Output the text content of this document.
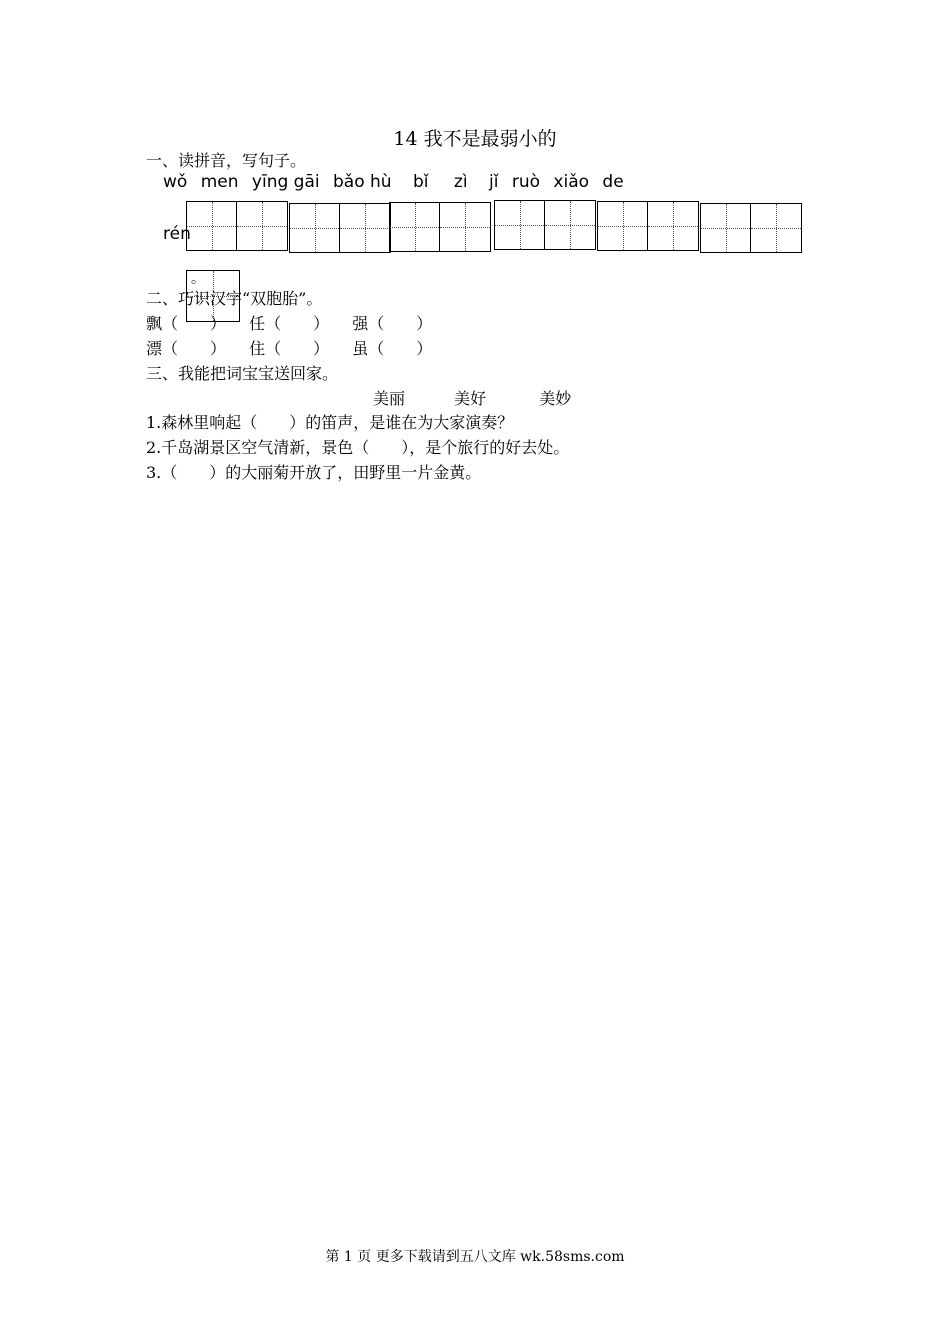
14 我不是最弱小的
一、读拼音，写句子。
wǒ men yīng gāi bǎo hù bǐ zì jǐ ruò xiǎo de
rén
。
二、巧识汉字“双胞胎”。
飘（　　） 任（　　） 强（　　）
漂（　　） 住（　　） 虽（　　）
三、我能把词宝宝送回家。
美丽	美好	美妙
1.森林里响起（　　）的笛声，是谁在为大家演奏？
2.千岛湖景区空气清新，景色（　　），是个旅行的好去处。
3.（　　）的大丽菊开放了，田野里一片金黄。
第 1 页 更多下载请到五八文库 wk.58sms.com
